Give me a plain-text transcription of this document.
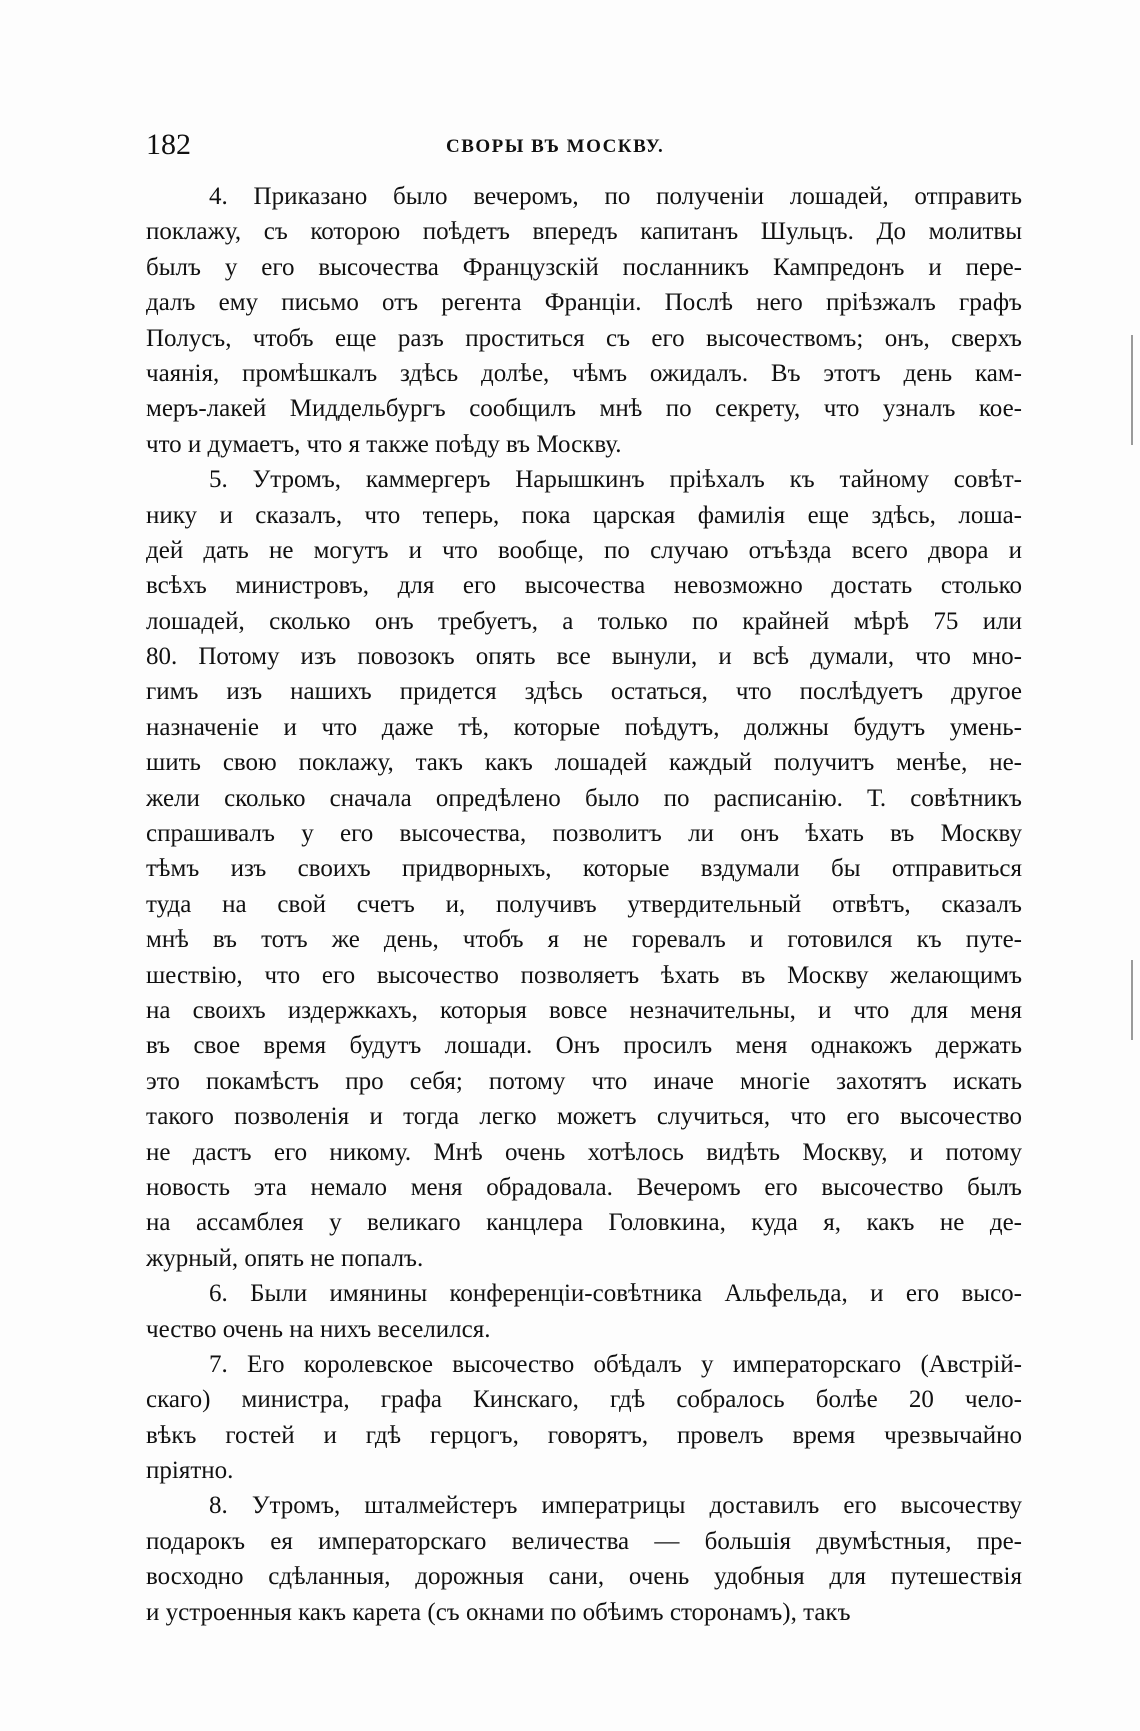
182	СВОРЫ ВЪ МОСКВУ.
4. Приказано было вечеромъ, по полученіи лошадей, отправить
поклажу, съ которою поѣдетъ впередъ капитанъ Шульцъ. До молитвы
былъ у его высочества Французскій посланникъ Кампредонъ и пере-
далъ ему письмо отъ регента Франціи. Послѣ него пріѣзжалъ графъ
Полусъ, чтобъ еще разъ проститься съ его высочествомъ; онъ, сверхъ
чаянія, промѣшкалъ здѣсь долѣе, чѣмъ ожидалъ. Въ этотъ день кам-
меръ-лакей Миддельбургъ сообщилъ мнѣ по секрету, что узналъ кое-
что и думаетъ, что я также поѣду въ Москву.
5. Утромъ, каммергеръ Нарышкинъ пріѣхалъ къ тайному совѣт-
нику и сказалъ, что теперь, пока царская фамилія еще здѣсь, лоша-
дей дать не могутъ и что вообще, по случаю отъѣзда всего двора и
всѣхъ министровъ, для его высочества невозможно достать столько
лошадей, сколько онъ требуетъ, а только по крайней мѣрѣ 75 или
80. Потому изъ повозокъ опять все вынули, и всѣ думали, что мно-
гимъ изъ нашихъ придется здѣсь остаться, что послѣдуетъ другое
назначеніе и что даже тѣ, которые поѣдутъ, должны будутъ умень-
шить свою поклажу, такъ какъ лошадей каждый получитъ менѣе, не-
жели сколько сначала опредѣлено было по расписанію. Т. совѣтникъ
спрашивалъ у его высочества, позволитъ ли онъ ѣхать въ Москву
тѣмъ изъ своихъ придворныхъ, которые вздумали бы отправиться
туда на свой счетъ и, получивъ утвердительный отвѣтъ, сказалъ
мнѣ въ тотъ же день, чтобъ я не горевалъ и готовился къ путе-
шествію, что его высочество позволяетъ ѣхать въ Москву желающимъ
на своихъ издержкахъ, которыя вовсе незначительны, и что для меня
въ свое время будутъ лошади. Онъ просилъ меня однакожъ держать
это покамѣстъ про себя; потому что иначе многіе захотятъ искать
такого позволенія и тогда легко можетъ случиться, что его высочество
не дастъ его никому. Мнѣ очень хотѣлось видѣть Москву, и потому
новость эта немало меня обрадовала. Вечеромъ его высочество былъ
на ассамблея у великаго канцлера Головкина, куда я, какъ не де-
журный, опять не попалъ.
6. Были имянины конференціи-совѣтника Альфельда, и его высо-
чество очень на нихъ веселился.
7. Его королевское высочество обѣдалъ у императорскаго (Австрій-
скаго) министра, графа Кинскаго, гдѣ собралось болѣе 20 чело-
вѣкъ гостей и гдѣ герцогъ, говорятъ, провелъ время чрезвычайно
пріятно.
8. Утромъ, шталмейстеръ императрицы доставилъ его высочеству
подарокъ ея императорскаго величества — большія двумѣстныя, пре-
восходно сдѣланныя, дорожныя сани, очень удобныя для путешествія
и устроенныя какъ карета (съ окнами по обѣимъ сторонамъ), такъ
